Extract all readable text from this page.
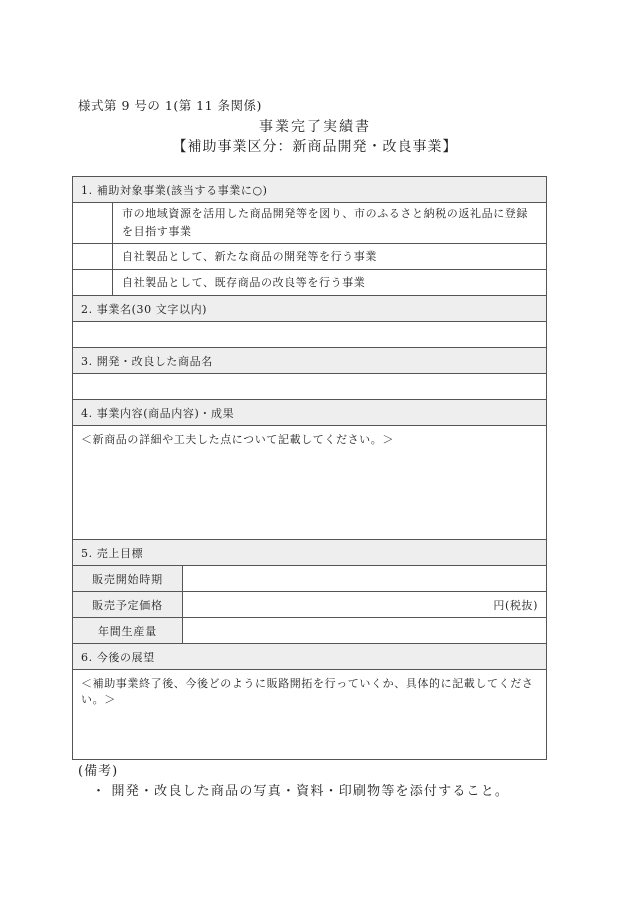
様式第 9 号の 1(第 11 条関係)
事業完了実績書
【補助事業区分：新商品開発・改良事業】
1. 補助対象事業(該当する事業に○)
市の地域資源を活用した商品開発等を図り、市のふるさと納税の返礼品に登録を目指す事業
自社製品として、新たな商品の開発等を行う事業
自社製品として、既存商品の改良等を行う事業
2. 事業名(30 文字以内)
3. 開発・改良した商品名
4. 事業内容(商品内容)・成果
＜新商品の詳細や工夫した点について記載してください。＞
5. 売上目標
販売開始時期
販売予定価格	円(税抜)
年間生産量
6. 今後の展望
＜補助事業終了後、今後どのように販路開拓を行っていくか、具体的に記載してください。＞
(備考)
・ 開発・改良した商品の写真・資料・印刷物等を添付すること。
